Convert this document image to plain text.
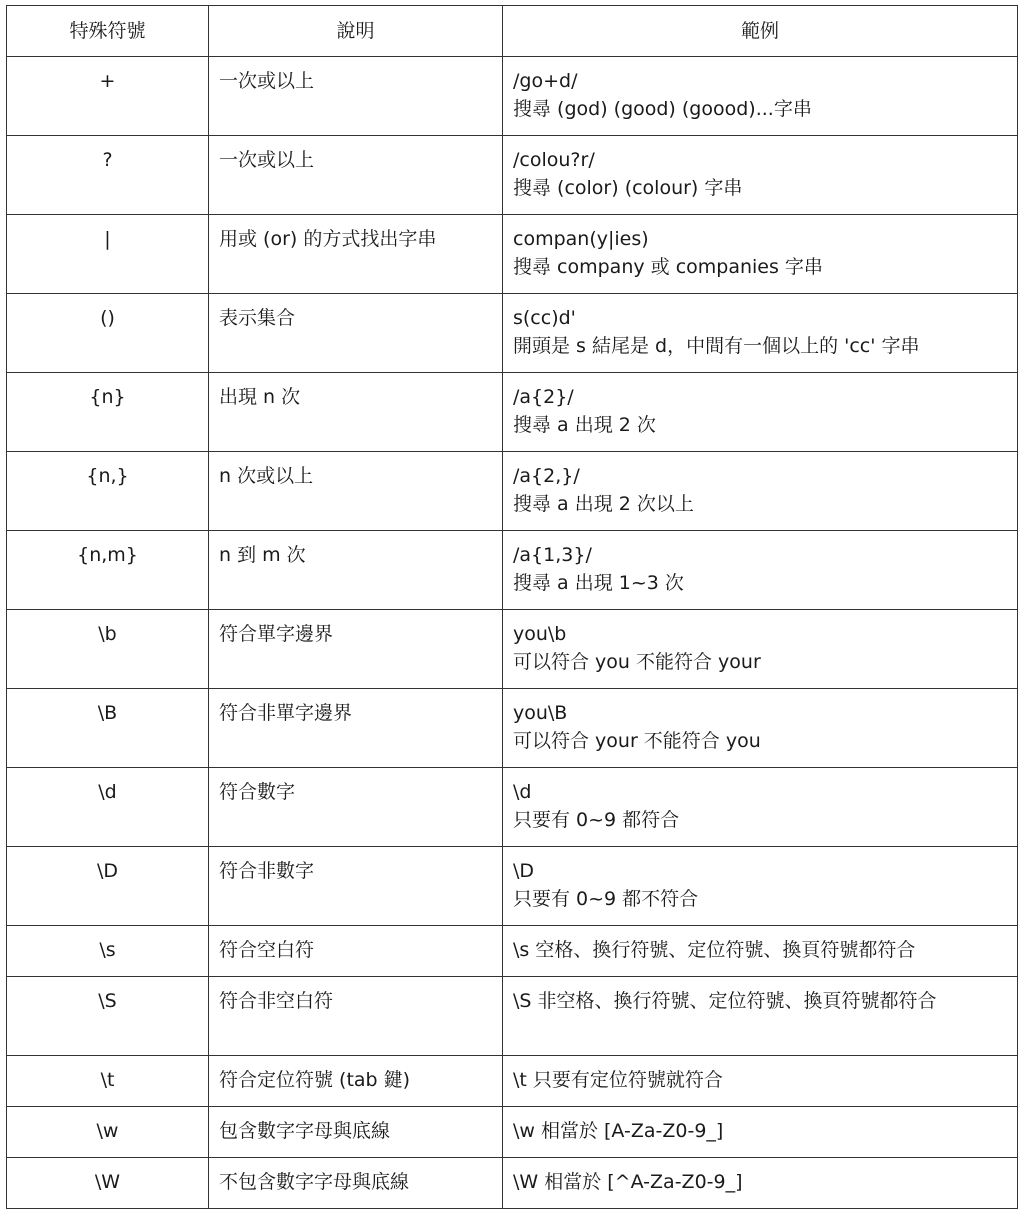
特殊符號	說明	範例
+	一次或以上	/go+d/
搜尋 (god) (good) (goood)...字串

?	一次或以上	/colou?r/
搜尋 (color) (colour) 字串

|	用或 (or) 的方式找出字串	compan(y|ies)
搜尋 company 或 companies 字串

()	表示集合	s(cc)d'
開頭是 s 結尾是 d，中間有一個以上的 'cc' 字串

{n}	出現 n 次	/a{2}/
搜尋 a 出現 2 次

{n,}	n 次或以上	/a{2,}/
搜尋 a 出現 2 次以上

{n,m}	n 到 m 次	/a{1,3}/
搜尋 a 出現 1~3 次

\b	符合單字邊界	you\b
可以符合 you 不能符合 your

\B	符合非單字邊界	you\B
可以符合 your 不能符合 you

\d	符合數字	\d
只要有 0~9 都符合

\D	符合非數字	\D
只要有 0~9 都不符合

\s	符合空白符	\s 空格、換行符號、定位符號、換頁符號都符合

\S	符合非空白符	\S 非空格、換行符號、定位符號、換頁符號都符合

\t	符合定位符號 (tab 鍵)	\t 只要有定位符號就符合

\w	包含數字字母與底線	\w 相當於 [A-Za-Z0-9_]

\W	不包含數字字母與底線	\W 相當於 [^A-Za-Z0-9_]
